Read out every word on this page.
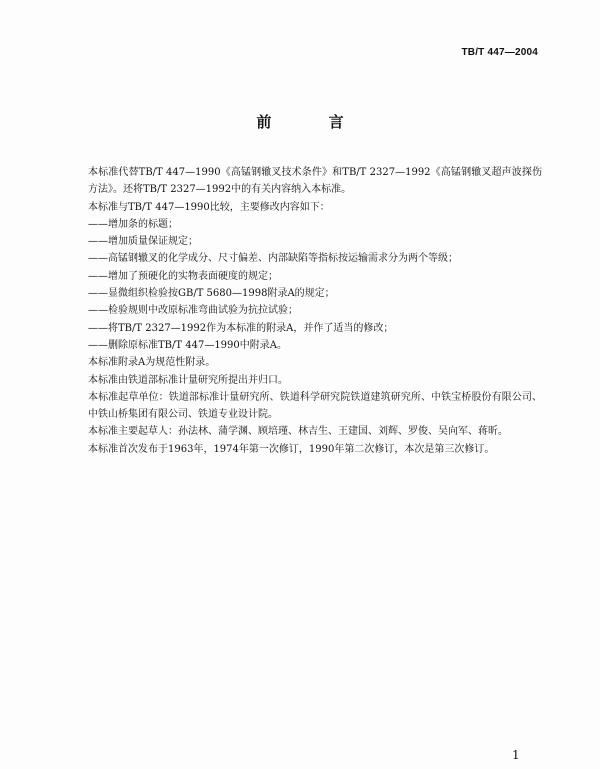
TB/T 447—2004
前 言

本标准代替TB/T 447—1990《高锰钢辙叉技术条件》和TB/T 2327—1992《高锰钢辙叉超声波探伤方法》。还将TB/T 2327—1992中的有关内容纳入本标准。

本标准与TB/T 447—1990比较，主要修改内容如下：

——增加条的标题；

——增加质量保证规定；

——高锰钢辙叉的化学成分、尺寸偏差、内部缺陷等指标按运输需求分为两个等级；

——增加了预硬化的实物表面硬度的规定；

——显微组织检验按GB/T 5680—1998附录A的规定；

——检验规则中改原标准弯曲试验为抗拉试验；

——将TB/T 2327—1992作为本标准的附录A，并作了适当的修改；

——删除原标准TB/T 447—1990中附录A。

本标准附录A为规范性附录。

本标准由铁道部标准计量研究所提出并归口。

本标准起草单位：铁道部标准计量研究所、铁道科学研究院铁道建筑研究所、中铁宝桥股份有限公司、中铁山桥集团有限公司、铁道专业设计院。

本标准主要起草人：孙法林、蒲学渊、顾培瑾、林吉生、王建国、刘辉、罗俊、吴向军、蒋昕。

本标准首次发布于1963年，1974年第一次修订，1990年第二次修订，本次是第三次修订。

1
